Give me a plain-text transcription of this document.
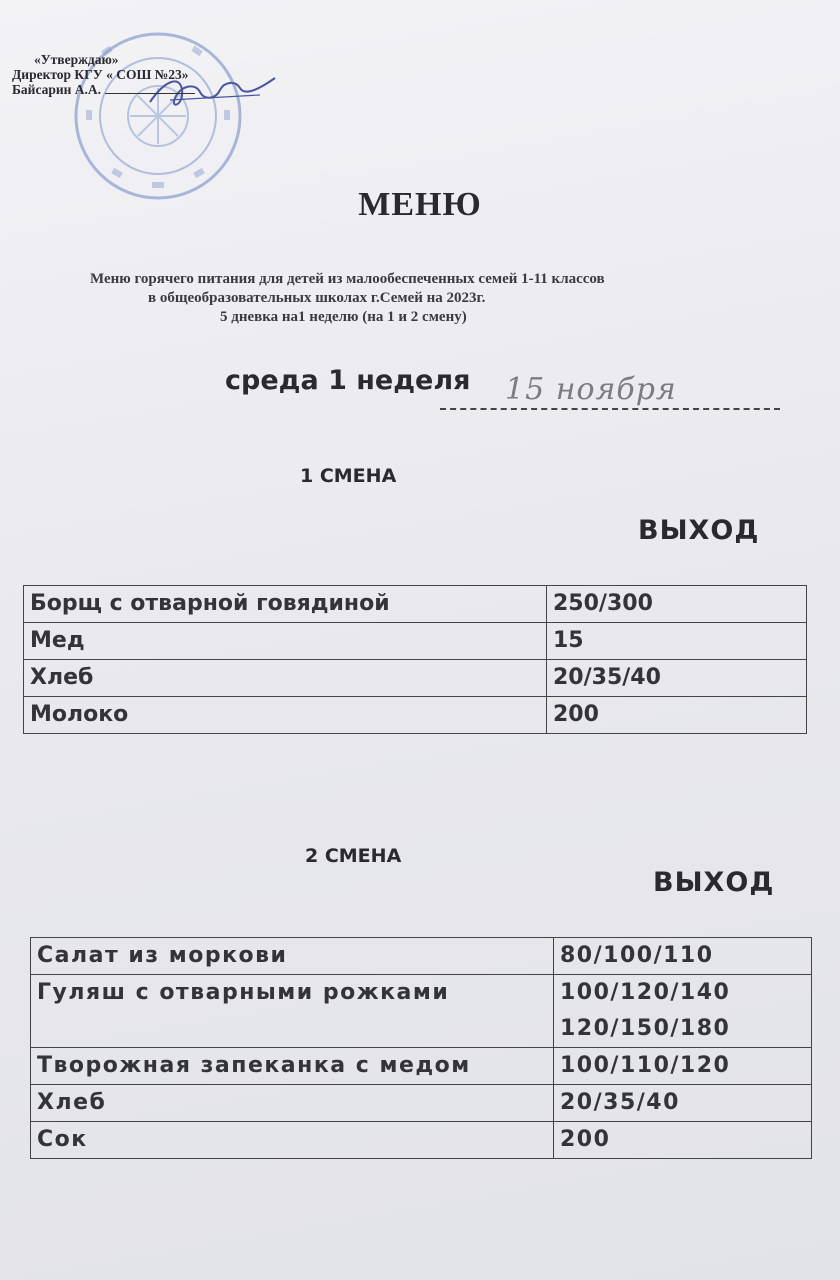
«Утверждаю»
Директор КГУ « СОШ №23»
Байсарин А.А.
МЕНЮ
Меню горячего питания для детей из малообеспеченных семей 1-11 классов
в общеобразовательных школах г.Семей на 2023г.
5 дневка на1 неделю (на 1 и 2 смену)
среда 1 неделя 15 ноября
1 СМЕНА
ВЫХОД
Борщ с отварной говядиной	250/300
Мед	15
Хлеб	20/35/40
Молоко	200
2 СМЕНА
ВЫХОД
Салат из моркови	80/100/110
Гуляш с отварными рожками	100/120/140
120/150/180

Творожная запеканка с медом	100/110/120
Хлеб	20/35/40
Сок	200
